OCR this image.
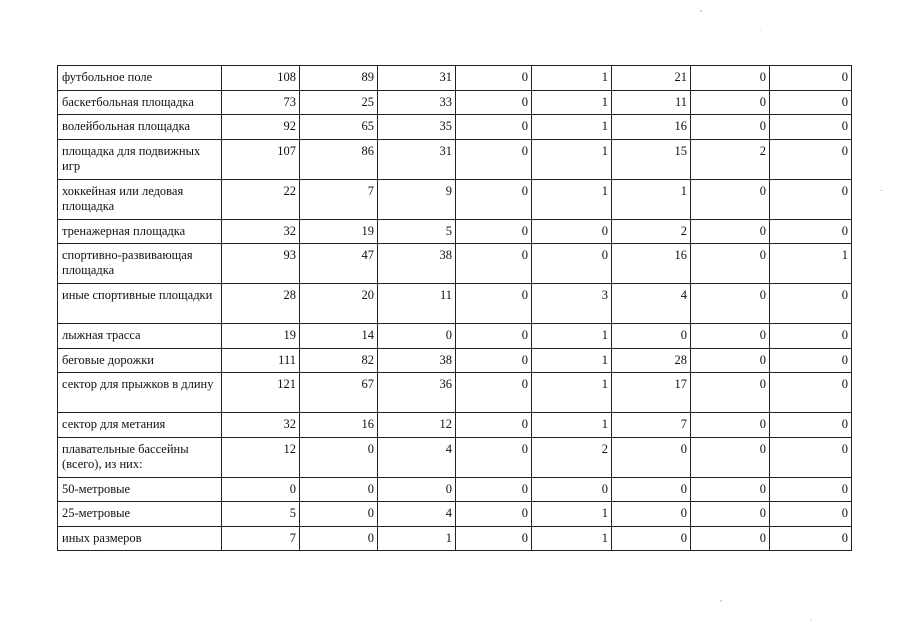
футбольное поле	108	89	31	0	1	21	0	0
баскетбольная площадка	73	25	33	0	1	11	0	0
волейбольная площадка	92	65	35	0	1	16	0	0
площадка для подвижных игр	107	86	31	0	1	15	2	0
хоккейная или ледовая площадка	22	7	9	0	1	1	0	0
тренажерная площадка	32	19	5	0	0	2	0	0
спортивно-развивающая площадка	93	47	38	0	0	16	0	1
иные спортивные площадки	28	20	11	0	3	4	0	0
лыжная трасса	19	14	0	0	1	0	0	0
беговые дорожки	111	82	38	0	1	28	0	0
сектор для прыжков в длину	121	67	36	0	1	17	0	0
сектор для метания	32	16	12	0	1	7	0	0
плавательные бассейны (всего), из них:	12	0	4	0	2	0	0	0
50-метровые	0	0	0	0	0	0	0	0
25-метровые	5	0	4	0	1	0	0	0
иных размеров	7	0	1	0	1	0	0	0
